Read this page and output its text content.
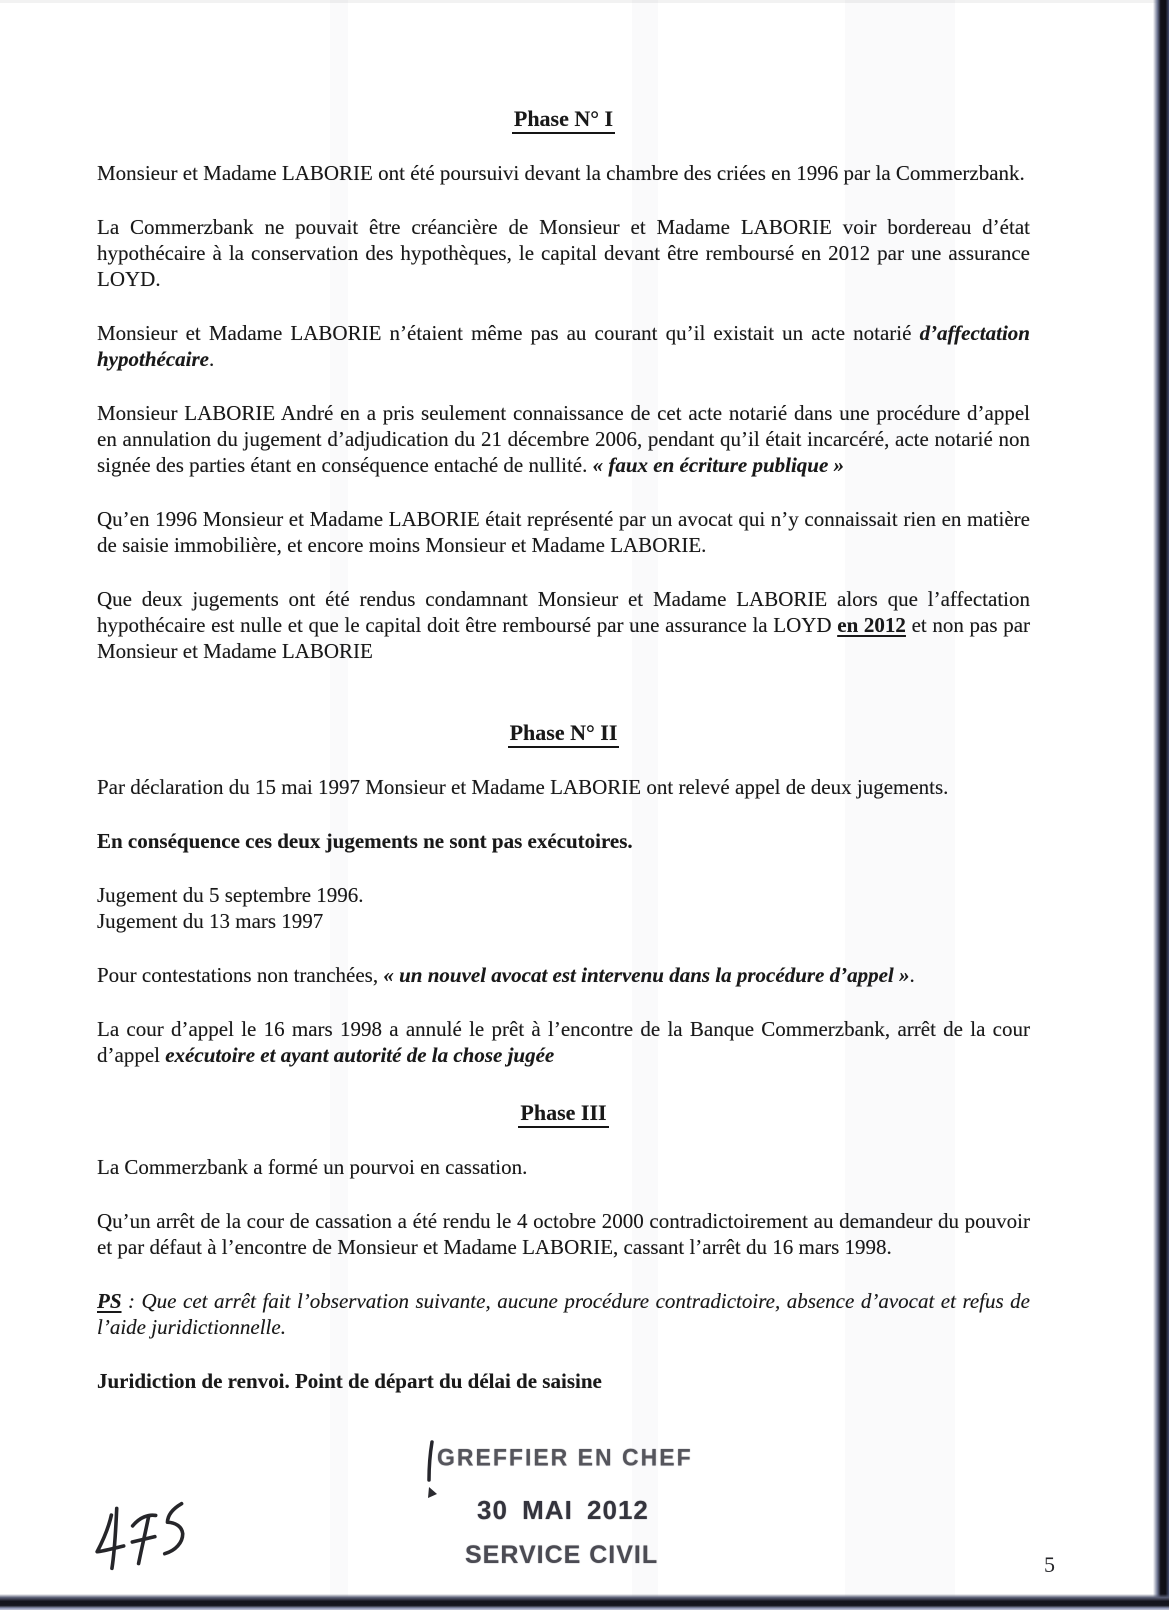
Phase N° I

Monsieur et Madame LABORIE ont été poursuivi devant la chambre des criées en 1996 par la Commerzbank.

La Commerzbank ne pouvait être créancière de Monsieur et Madame LABORIE voir bordereau d’état hypothécaire à la conservation des hypothèques, le capital devant être remboursé en 2012 par une assurance LOYD.

Monsieur et Madame LABORIE n’étaient même pas au courant qu’il existait un acte notarié d’affectation hypothécaire.

Monsieur LABORIE André en a pris seulement connaissance de cet acte notarié dans une procédure d’appel en annulation du jugement d’adjudication du 21 décembre 2006, pendant qu’il était incarcéré, acte notarié non signée des parties étant en conséquence entaché de nullité. « faux en écriture publique »

Qu’en 1996 Monsieur et Madame LABORIE était représenté par un avocat qui n’y connaissait rien en matière de saisie immobilière, et encore moins Monsieur et Madame LABORIE.

Que deux jugements ont été rendus condamnant Monsieur et Madame LABORIE alors que l’affectation hypothécaire est nulle et que le capital doit être remboursé par une assurance la LOYD en 2012 et non pas par Monsieur et Madame LABORIE

Phase N° II

Par déclaration du 15 mai 1997 Monsieur et Madame LABORIE ont relevé appel de deux jugements.

En conséquence ces deux jugements ne sont pas exécutoires.

Jugement du 5 septembre 1996.
Jugement du 13 mars 1997

Pour contestations non tranchées, « un nouvel avocat est intervenu dans la procédure d’appel ».

La cour d’appel le 16 mars 1998 a annulé le prêt à l’encontre de la Banque Commerzbank, arrêt de la cour d’appel exécutoire et ayant autorité de la chose jugée

Phase III

La Commerzbank a formé un pourvoi en cassation.

Qu’un arrêt de la cour de cassation a été rendu le 4 octobre 2000 contradictoirement au demandeur du pouvoir et par défaut à l’encontre de Monsieur et Madame LABORIE, cassant l’arrêt du 16 mars 1998.

PS : Que cet arrêt fait l’observation suivante, aucune procédure contradictoire, absence d’avocat et refus de l’aide juridictionnelle.

Juridiction de renvoi. Point de départ du délai de saisine

GREFFIER EN CHEF
30 MAI 2012
SERVICE CIVIL	5
